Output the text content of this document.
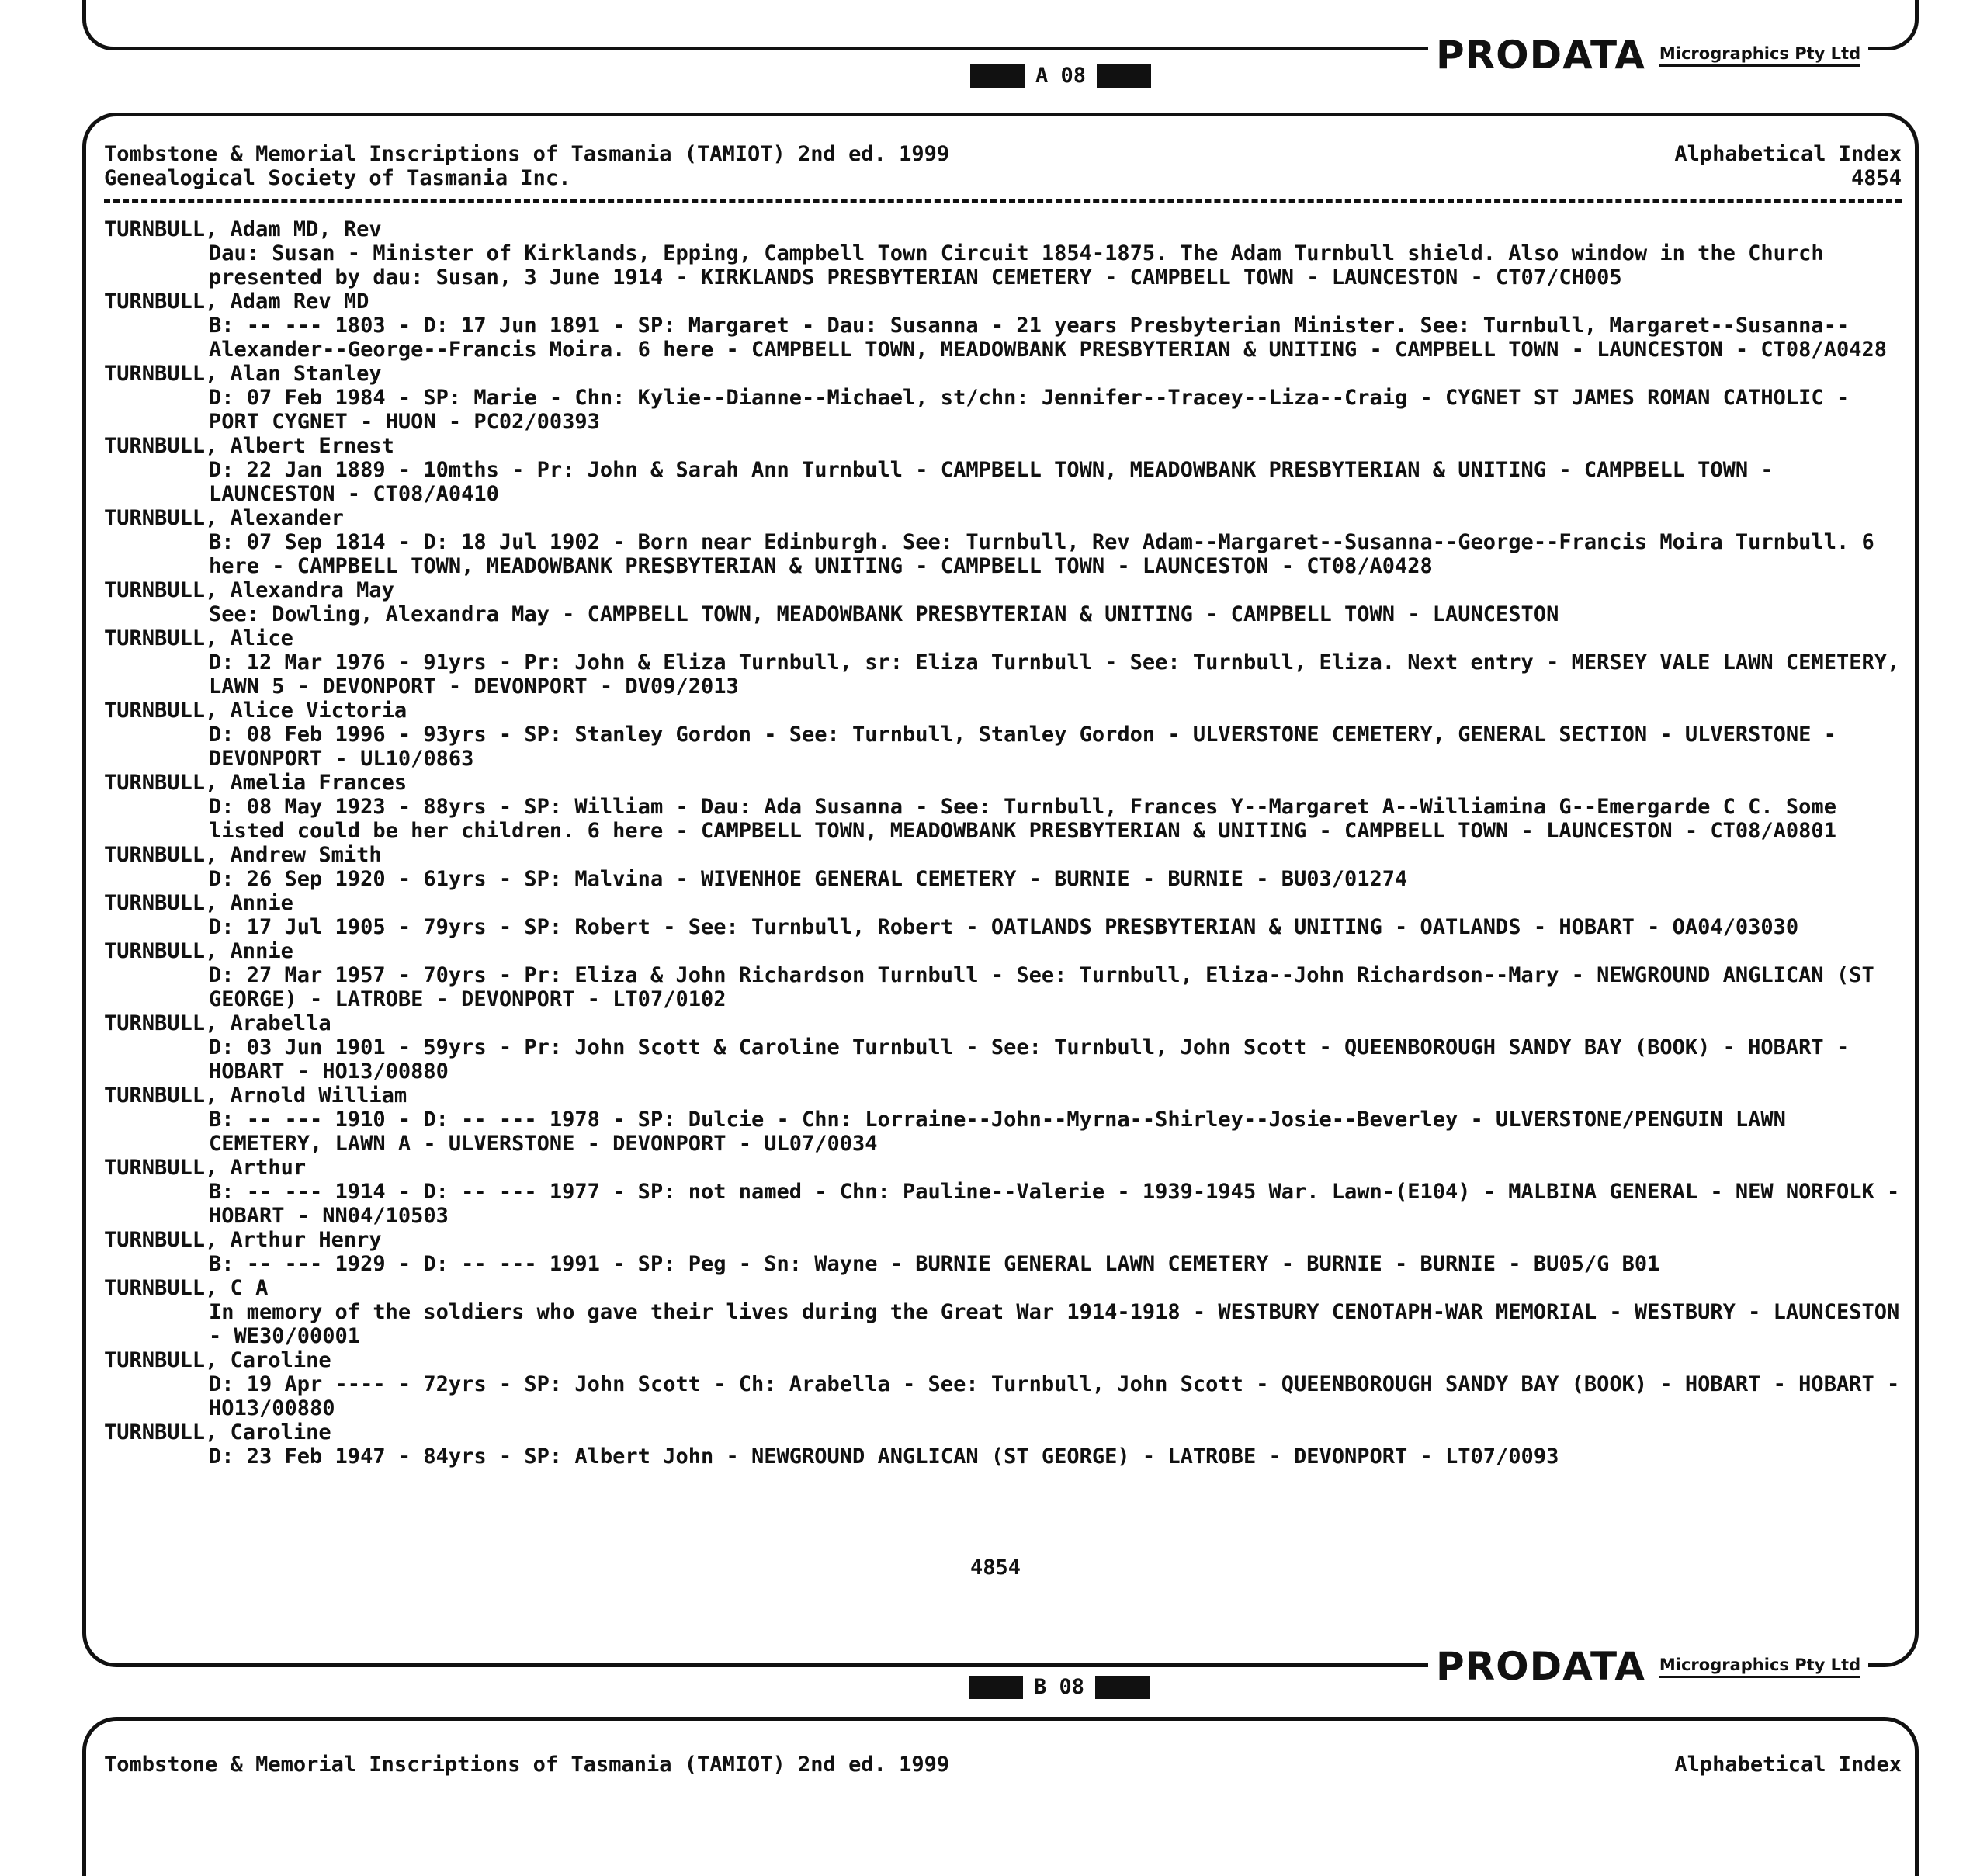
PRODATA Micrographics Pty Ltd
A 08
Tombstone & Memorial Inscriptions of Tasmania (TAMIOT) 2nd ed. 1999	Alphabetical Index
Genealogical Society of Tasmania Inc.	4854
TURNBULL, Adam MD, Rev
Dau: Susan - Minister of Kirklands, Epping, Campbell Town Circuit 1854-1875. The Adam Turnbull shield. Also window in the Church presented by dau: Susan, 3 June 1914 - KIRKLANDS PRESBYTERIAN CEMETERY - CAMPBELL TOWN - LAUNCESTON - CT07/CH005
TURNBULL, Adam Rev MD
B: -- --- 1803 - D: 17 Jun 1891 - SP: Margaret - Dau: Susanna - 21 years Presbyterian Minister. See: Turnbull, Margaret--Susanna--Alexander--George--Francis Moira. 6 here - CAMPBELL TOWN, MEADOWBANK PRESBYTERIAN & UNITING - CAMPBELL TOWN - LAUNCESTON - CT08/A0428
TURNBULL, Alan Stanley
D: 07 Feb 1984 - SP: Marie - Chn: Kylie--Dianne--Michael, st/chn: Jennifer--Tracey--Liza--Craig - CYGNET ST JAMES ROMAN CATHOLIC - PORT CYGNET - HUON - PC02/00393
TURNBULL, Albert Ernest
D: 22 Jan 1889 - 10mths - Pr: John & Sarah Ann Turnbull - CAMPBELL TOWN, MEADOWBANK PRESBYTERIAN & UNITING - CAMPBELL TOWN - LAUNCESTON - CT08/A0410
TURNBULL, Alexander
B: 07 Sep 1814 - D: 18 Jul 1902 - Born near Edinburgh. See: Turnbull, Rev Adam--Margaret--Susanna--George--Francis Moira Turnbull. 6 here - CAMPBELL TOWN, MEADOWBANK PRESBYTERIAN & UNITING - CAMPBELL TOWN - LAUNCESTON - CT08/A0428
TURNBULL, Alexandra May
See: Dowling, Alexandra May - CAMPBELL TOWN, MEADOWBANK PRESBYTERIAN & UNITING - CAMPBELL TOWN - LAUNCESTON
TURNBULL, Alice
D: 12 Mar 1976 - 91yrs - Pr: John & Eliza Turnbull, sr: Eliza Turnbull - See: Turnbull, Eliza. Next entry - MERSEY VALE LAWN CEMETERY, LAWN 5 - DEVONPORT - DEVONPORT - DV09/2013
TURNBULL, Alice Victoria
D: 08 Feb 1996 - 93yrs - SP: Stanley Gordon - See: Turnbull, Stanley Gordon - ULVERSTONE CEMETERY, GENERAL SECTION - ULVERSTONE - DEVONPORT - UL10/0863
TURNBULL, Amelia Frances
D: 08 May 1923 - 88yrs - SP: William - Dau: Ada Susanna - See: Turnbull, Frances Y--Margaret A--Williamina G--Emergarde C C. Some listed could be her children. 6 here - CAMPBELL TOWN, MEADOWBANK PRESBYTERIAN & UNITING - CAMPBELL TOWN - LAUNCESTON - CT08/A0801
TURNBULL, Andrew Smith
D: 26 Sep 1920 - 61yrs - SP: Malvina - WIVENHOE GENERAL CEMETERY - BURNIE - BURNIE - BU03/01274
TURNBULL, Annie
D: 17 Jul 1905 - 79yrs - SP: Robert - See: Turnbull, Robert - OATLANDS PRESBYTERIAN & UNITING - OATLANDS - HOBART - OA04/03030
TURNBULL, Annie
D: 27 Mar 1957 - 70yrs - Pr: Eliza & John Richardson Turnbull - See: Turnbull, Eliza--John Richardson--Mary - NEWGROUND ANGLICAN (ST GEORGE) - LATROBE - DEVONPORT - LT07/0102
TURNBULL, Arabella
D: 03 Jun 1901 - 59yrs - Pr: John Scott & Caroline Turnbull - See: Turnbull, John Scott - QUEENBOROUGH SANDY BAY (BOOK) - HOBART - HOBART - HO13/00880
TURNBULL, Arnold William
B: -- --- 1910 - D: -- --- 1978 - SP: Dulcie - Chn: Lorraine--John--Myrna--Shirley--Josie--Beverley - ULVERSTONE/PENGUIN LAWN CEMETERY, LAWN A - ULVERSTONE - DEVONPORT - UL07/0034
TURNBULL, Arthur
B: -- --- 1914 - D: -- --- 1977 - SP: not named - Chn: Pauline--Valerie - 1939-1945 War. Lawn-(E104) - MALBINA GENERAL - NEW NORFOLK - HOBART - NN04/10503
TURNBULL, Arthur Henry
B: -- --- 1929 - D: -- --- 1991 - SP: Peg - Sn: Wayne - BURNIE GENERAL LAWN CEMETERY - BURNIE - BURNIE - BU05/G B01
TURNBULL, C A
In memory of the soldiers who gave their lives during the Great War 1914-1918 - WESTBURY CENOTAPH-WAR MEMORIAL - WESTBURY - LAUNCESTON - WE30/00001
TURNBULL, Caroline
D: 19 Apr ---- - 72yrs - SP: John Scott - Ch: Arabella - See: Turnbull, John Scott - QUEENBOROUGH SANDY BAY (BOOK) - HOBART - HOBART - HO13/00880
TURNBULL, Caroline
D: 23 Feb 1947 - 84yrs - SP: Albert John - NEWGROUND ANGLICAN (ST GEORGE) - LATROBE - DEVONPORT - LT07/0093
4854
PRODATA Micrographics Pty Ltd
B 08
Tombstone & Memorial Inscriptions of Tasmania (TAMIOT) 2nd ed. 1999	Alphabetical Index
